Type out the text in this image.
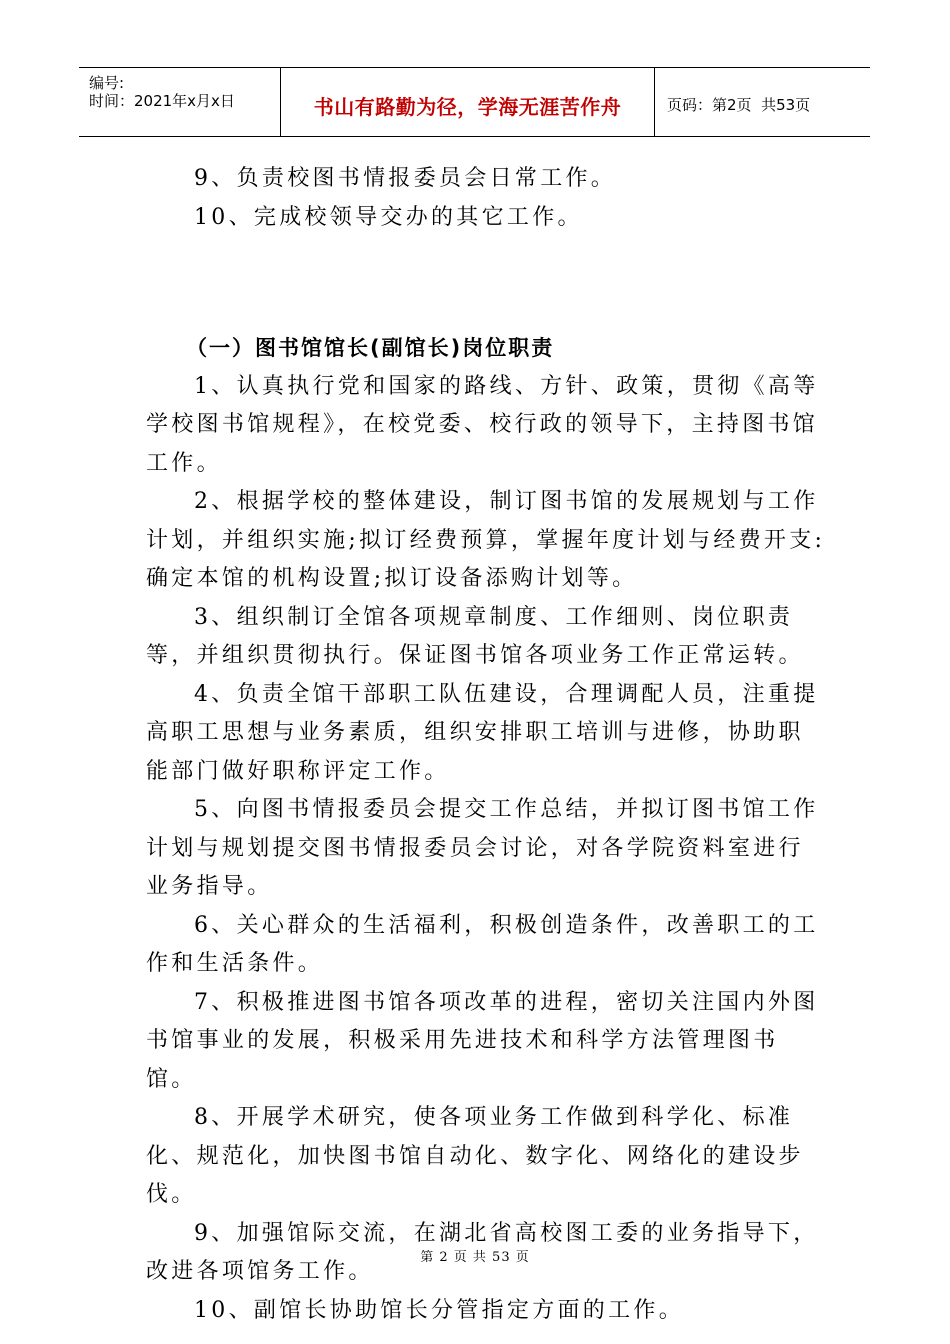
编号:
时间：2021年x月x日	书山有路勤为径，学海无涯苦作舟	页码：第2页  共53页

9、负责校图书情报委员会日常工作。

10、完成校领导交办的其它工作。

（一）图书馆馆长(副馆长)岗位职责

1、认真执行党和国家的路线、方针、政策，贯彻《高等学校图书馆规程》，在校党委、校行政的领导下，主持图书馆工作。

2、根据学校的整体建设，制订图书馆的发展规划与工作计划，并组织实施;拟订经费预算，掌握年度计划与经费开支:确定本馆的机构设置;拟订设备添购计划等。

3、组织制订全馆各项规章制度、工作细则、岗位职责等，并组织贯彻执行。保证图书馆各项业务工作正常运转。

4、负责全馆干部职工队伍建设，合理调配人员，注重提高职工思想与业务素质，组织安排职工培训与进修，协助职能部门做好职称评定工作。

5、向图书情报委员会提交工作总结，并拟订图书馆工作计划与规划提交图书情报委员会讨论，对各学院资料室进行业务指导。

6、关心群众的生活福利，积极创造条件，改善职工的工作和生活条件。

7、积极推进图书馆各项改革的进程，密切关注国内外图书馆事业的发展，积极采用先进技术和科学方法管理图书馆。

8、开展学术研究，使各项业务工作做到科学化、标准化、规范化，加快图书馆自动化、数字化、网络化的建设步伐。

9、加强馆际交流，在湖北省高校图工委的业务指导下，改进各项馆务工作。

10、副馆长协助馆长分管指定方面的工作。

第 2 页 共 53 页
